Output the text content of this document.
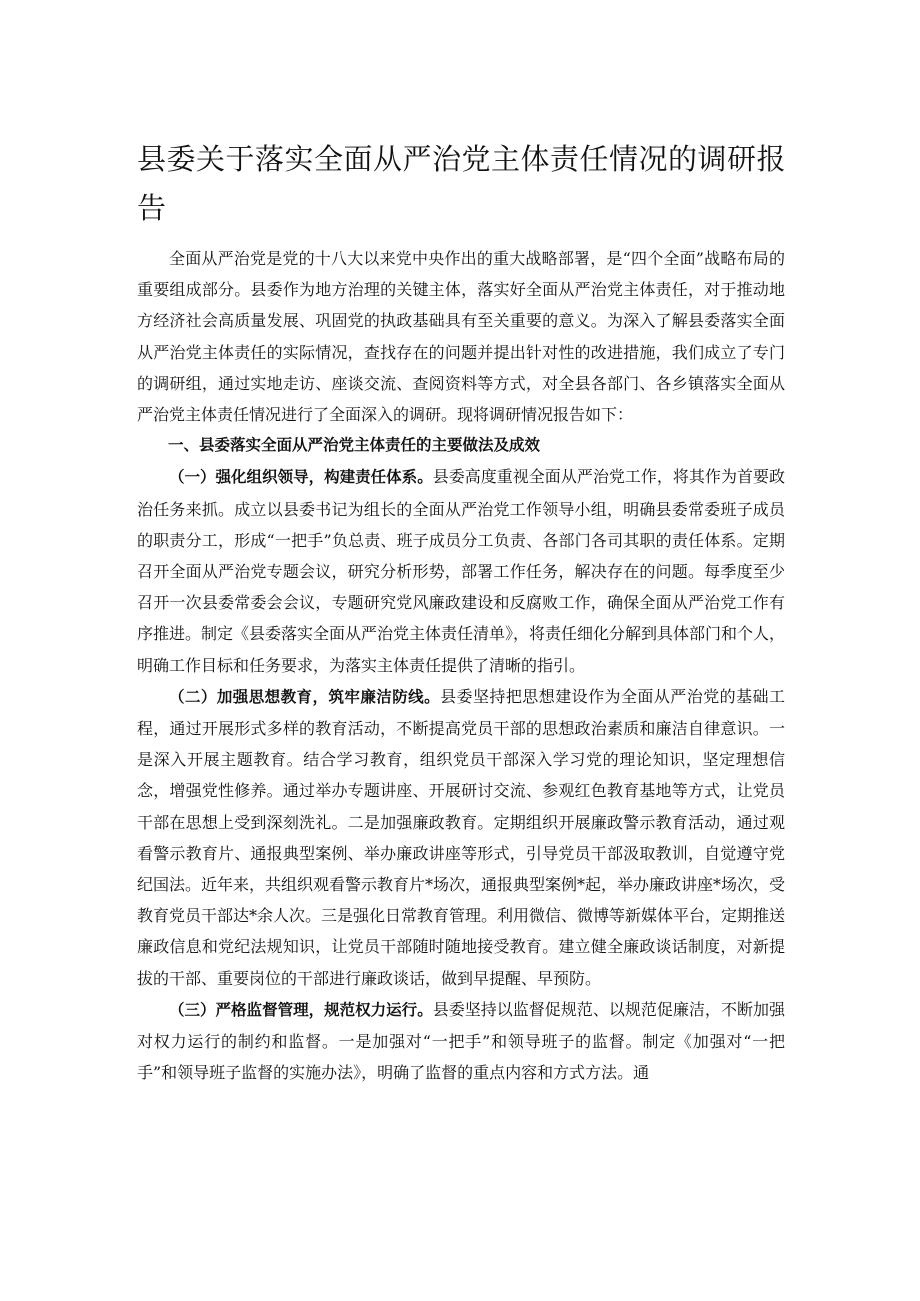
县委关于落实全面从严治党主体责任情况的调研报告

全面从严治党是党的十八大以来党中央作出的重大战略部署，是“四个全面”战略布局的重要组成部分。县委作为地方治理的关键主体，落实好全面从严治党主体责任，对于推动地方经济社会高质量发展、巩固党的执政基础具有至关重要的意义。为深入了解县委落实全面从严治党主体责任的实际情况，查找存在的问题并提出针对性的改进措施，我们成立了专门的调研组，通过实地走访、座谈交流、查阅资料等方式，对全县各部门、各乡镇落实全面从严治党主体责任情况进行了全面深入的调研。现将调研情况报告如下：

一、县委落实全面从严治党主体责任的主要做法及成效

（一）强化组织领导，构建责任体系。县委高度重视全面从严治党工作，将其作为首要政治任务来抓。成立以县委书记为组长的全面从严治党工作领导小组，明确县委常委班子成员的职责分工，形成“一把手”负总责、班子成员分工负责、各部门各司其职的责任体系。定期召开全面从严治党专题会议，研究分析形势，部署工作任务，解决存在的问题。每季度至少召开一次县委常委会会议，专题研究党风廉政建设和反腐败工作，确保全面从严治党工作有序推进。制定《县委落实全面从严治党主体责任清单》，将责任细化分解到具体部门和个人，明确工作目标和任务要求，为落实主体责任提供了清晰的指引。

（二）加强思想教育，筑牢廉洁防线。县委坚持把思想建设作为全面从严治党的基础工程，通过开展形式多样的教育活动，不断提高党员干部的思想政治素质和廉洁自律意识。一是深入开展主题教育。结合学习教育，组织党员干部深入学习党的理论知识，坚定理想信念，增强党性修养。通过举办专题讲座、开展研讨交流、参观红色教育基地等方式，让党员干部在思想上受到深刻洗礼。二是加强廉政教育。定期组织开展廉政警示教育活动，通过观看警示教育片、通报典型案例、举办廉政讲座等形式，引导党员干部汲取教训，自觉遵守党纪国法。近年来，共组织观看警示教育片*场次，通报典型案例*起，举办廉政讲座*场次，受教育党员干部达*余人次。三是强化日常教育管理。利用微信、微博等新媒体平台，定期推送廉政信息和党纪法规知识，让党员干部随时随地接受教育。建立健全廉政谈话制度，对新提拔的干部、重要岗位的干部进行廉政谈话，做到早提醒、早预防。

（三）严格监督管理，规范权力运行。县委坚持以监督促规范、以规范促廉洁，不断加强对权力运行的制约和监督。一是加强对“一把手”和领导班子的监督。制定《加强对“一把手”和领导班子监督的实施办法》，明确了监督的重点内容和方式方法。通
